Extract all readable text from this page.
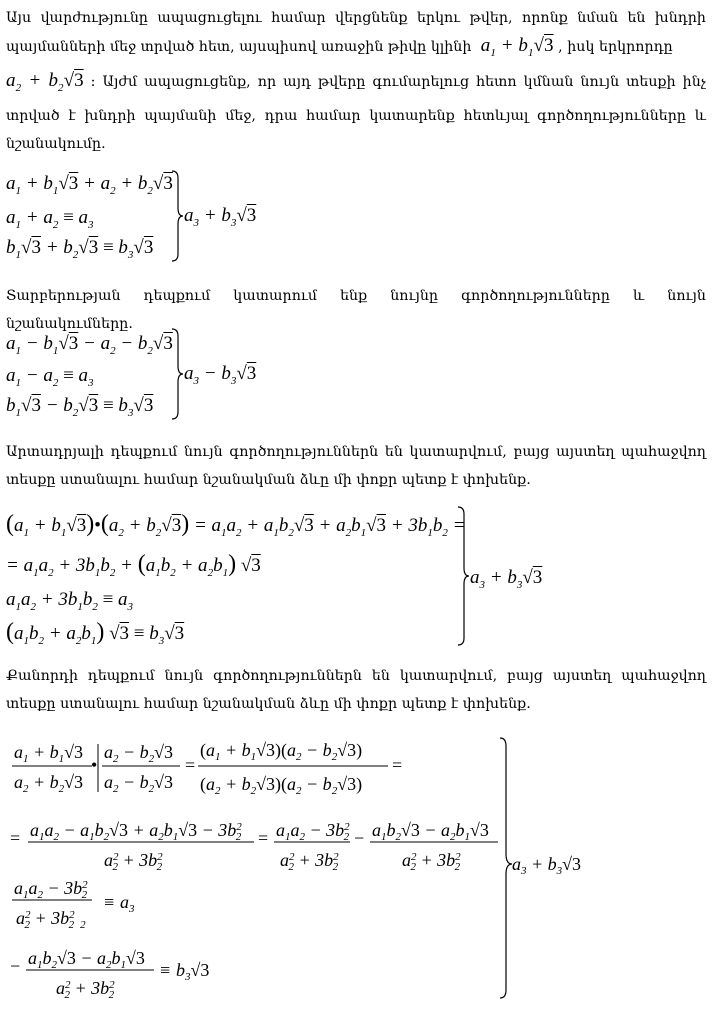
Այս վարժությունը ապացուցելու համար վերցնենք երկու թվեր, որոնք նման են խնդրի պայմանների մեջ տրված հետ, այսպիսով առաջին թիվը կլինի  $a_1 + b_1√3$ , իսկ երկրորդը
$a_2 + b_2√3$ : Այժմ ապացուցենք, որ այդ թվերը գումարելուց հետո կմնան նույն տեսքի ինչ տրված է խնդրի պայմանի մեջ, դրա համար կատարենք հետևյալ գործողությունները և նշանակումը.
$a_1 + b_1√3 + a_2 + b_2√3$
$a_1 + a_2 \equiv a_3$
$b_1√3 + b_2√3 \equiv b_3√3$
$a_3 + b_3√3$
Տարբերության դեպքում կատարում ենք նույնը գործողությունները և նույն նշանակումները.
$a_1 - b_1√3 - a_2 - b_2√3$
$a_1 - a_2 \equiv a_3$
$b_1√3 - b_2√3 \equiv b_3√3$
$a_3 - b_3√3$
Արտադրյալի դեպքում նույն գործողություններն են կատարվում, բայց այստեղ պահաջվող տեսքը ստանալու համար նշանակման ձևը մի փոքր պետք է փոխենք.
($a_1$ + $b_1√3)•(a_2 + b_2√3) = a_1a_2 + a_1b_2√3 + a_2b_1√3 + 3b_1b_2$ =
= $a_1a_2 + 3b_1b_2 + (a_1b_2 + a_2b_1)$ √3
$a_1a_2 + 3b_1b_2 \equiv a_3$
$(a_1b_2 + a_2b_1) √3 \equiv b_3√3$
$a_3 + b_3√3$
Քանորդի դեպքում նույն գործողություններն են կատարվում, բայց այստեղ պահաջվող տեսքը ստանալու համար նշանակման ձևը մի փոքր պետք է փոխենք.
$a_1 + b_1√3$
$a_2 + b_2√3$
•
$a_2 - b_2√3$
$a_2 - b_2√3$
=
$(a_1 + b_1√3)(a_2 - b_2√3)$
$(a_2 + b_2√3)(a_2 - b_2√3)$
=
= $a_1a_2 - a_1b_2√3 + a_2b_1√3 - 3b^2$ 2
$a^2$ $2 + 3b^2$ 2
= $a_1a_2 - 3b^2$ 2
$a^2$ $2 + 3b^2$ 2
− $a_1b_2√3 - a_2b_1√3$
$a^2$ $2 + 3b^2$ 2
$a_1a_2 - 3b^2$ 2
$a^2$ $2 + 3b^2$ 2 2
≡ $a_3$
− $a_1b_2√3 - a_2b_1√3$
$a^2$ $2 + 3b^2$ 2
≡ $b_3√3$
$a_3 + b_3√3$
